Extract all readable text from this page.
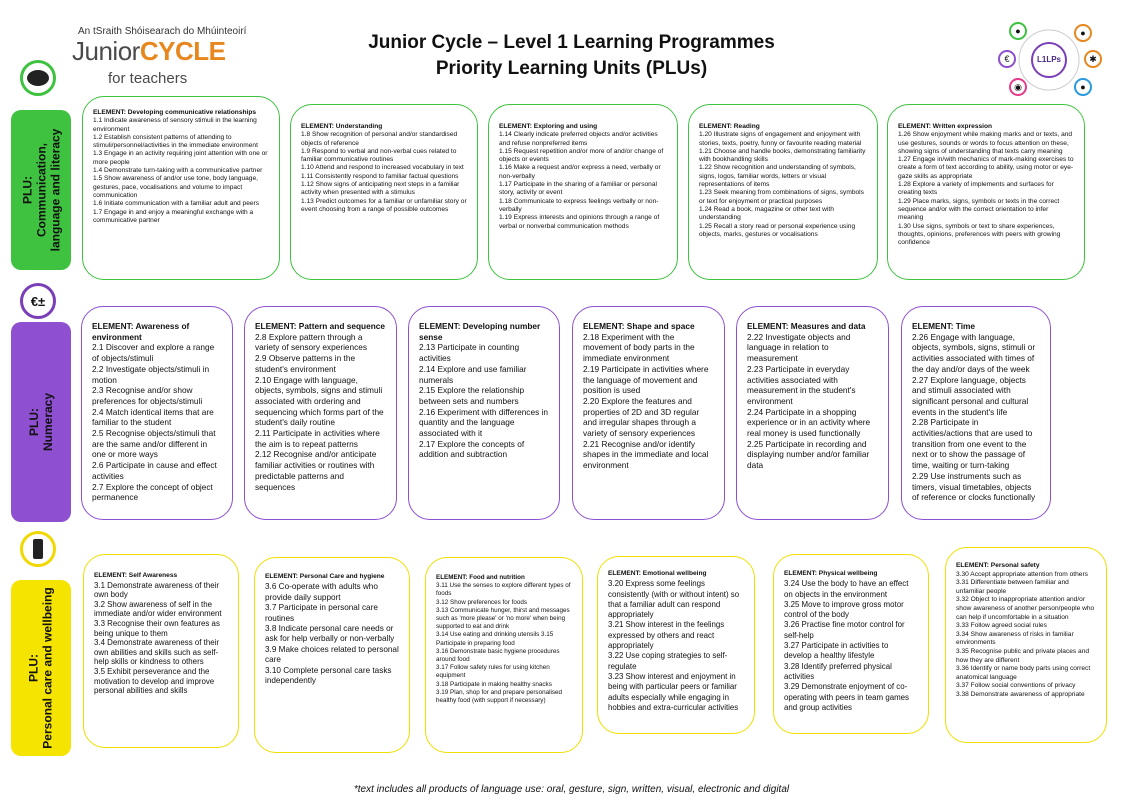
An tSraith Shóisearach do Mhúinteoirí
JuniorCYCLE
for teachers
Junior Cycle – Level 1 Learning Programmes
Priority Learning Units (PLUs)
●
€
◉
●
✱
●
L1LPs
€±
PLU:
Communication,
language and literacy
PLU:
Numeracy
PLU:
Personal care and wellbeing
ELEMENT: Developing communicative relationships
1.1 Indicate awareness of sensory stimuli in the learning environment
1.2 Establish consistent patterns of attending to stimuli/personnel/activities in the immediate environment
1.3 Engage in an activity requiring joint attention with one or more people
1.4 Demonstrate turn-taking with a communicative partner
1.5 Show awareness of and/or use tone, body language, gestures, pace, vocalisations and volume to impact communication
1.6 Initiate communication with a familiar adult and peers
1.7 Engage in and enjoy a meaningful exchange with a communicative partner
ELEMENT: Understanding
1.8 Show recognition of personal and/or standardised objects of reference
1.9 Respond to verbal and non-verbal cues related to familiar communicative routines
1.10 Attend and respond to increased vocabulary in text
1.11 Consistently respond to familiar factual questions
1.12 Show signs of anticipating next steps in a familiar activity when presented with a stimulus
1.13 Predict outcomes for a familiar or unfamiliar story or event choosing from a range of possible outcomes
ELEMENT: Exploring and using
1.14 Clearly indicate preferred objects and/or activities and refuse nonpreferred items
1.15 Request repetition and/or more of and/or change of objects or events
1.16 Make a request and/or express a need, verbally or non-verbally
1.17 Participate in the sharing of a familiar or personal story, activity or event
1.18 Communicate to express feelings verbally or non-verbally
1.19 Express interests and opinions through a range of verbal or nonverbal communication methods
ELEMENT: Reading
1.20 Illustrate signs of engagement and enjoyment with stories, texts, poetry, funny or favourite reading material
1.21 Choose and handle books, demonstrating familiarity with bookhandling skills
1.22 Show recognition and understanding of symbols, signs, logos, familiar words, letters or visual representations of items
1.23 Seek meaning from combinations of signs, symbols or text for enjoyment or practical purposes
1.24 Read a book, magazine or other text with understanding
1.25 Recall a story read or personal experience using objects, marks, gestures or vocalisations
ELEMENT: Written expression
1.26 Show enjoyment while making marks and or texts, and use gestures, sounds or words to focus attention on these, showing signs of understanding that texts carry meaning
1.27 Engage in/with mechanics of mark-making exercises to create a form of text according to ability, using motor or eye-gaze skills as appropriate
1.28 Explore a variety of implements and surfaces for creating texts
1.29 Place marks, signs, symbols or texts in the correct sequence and/or with the correct orientation to infer meaning
1.30 Use signs, symbols or text to share experiences, thoughts, opinions, preferences with peers with growing confidence
ELEMENT: Awareness of environment
2.1 Discover and explore a range of objects/stimuli
2.2 Investigate objects/stimuli in motion
2.3 Recognise and/or show preferences for objects/stimuli
2.4 Match identical items that are familiar to the student
2.5 Recognise objects/stimuli that are the same and/or different in one or more ways
2.6 Participate in cause and effect activities
2.7 Explore the concept of object permanence
ELEMENT: Pattern and sequence
2.8 Explore pattern through a variety of sensory experiences
2.9 Observe patterns in the student's environment
2.10 Engage with language, objects, symbols, signs and stimuli associated with ordering and sequencing which forms part of the student's daily routine
2.11 Participate in activities where the aim is to repeat patterns
2.12 Recognise and/or anticipate familiar activities or routines with predictable patterns and sequences
ELEMENT: Developing number sense
2.13 Participate in counting activities
2.14 Explore and use familiar numerals
2.15 Explore the relationship between sets and numbers
2.16 Experiment with differences in quantity and the language associated with it
2.17 Explore the concepts of addition and subtraction
ELEMENT: Shape and space
2.18 Experiment with the movement of body parts in the immediate environment
2.19 Participate in activities where the language of movement and position is used
2.20 Explore the features and properties of 2D and 3D regular and irregular shapes through a variety of sensory experiences
2.21 Recognise and/or identify shapes in the immediate and local environment
ELEMENT: Measures and data
2.22 Investigate objects and language in relation to measurement
2.23 Participate in everyday activities associated with measurement in the student's environment
2.24 Participate in a shopping experience or in an activity where real money is used functionally
2.25 Participate in recording and displaying number and/or familiar data
ELEMENT: Time
2.26 Engage with language, objects, symbols, signs, stimuli or activities associated with times of the day and/or days of the week
2.27 Explore language, objects and stimuli associated with significant personal and cultural events in the student's life
2.28 Participate in activities/actions that are used to transition from one event to the next or to show the passage of time, waiting or turn-taking
2.29 Use instruments such as timers, visual timetables, objects of reference or clocks functionally
ELEMENT: Self Awareness
3.1 Demonstrate awareness of their own body
3.2 Show awareness of self in the immediate and/or wider environment
3.3 Recognise their own features as being unique to them
3.4 Demonstrate awareness of their own abilities and skills such as self-help skills or kindness to others
3.5 Exhibit perseverance and the motivation to develop and improve personal abilities and skills
ELEMENT: Personal Care and hygiene
3.6 Co-operate with adults who provide daily support
3.7 Participate in personal care routines
3.8 Indicate personal care needs or ask for help verbally or non-verbally
3.9 Make choices related to personal care
3.10 Complete personal care tasks independently
ELEMENT: Food and nutrition
3.11 Use the senses to explore different types of foods
3.12 Show preferences for foods
3.13 Communicate hunger, thirst and messages such as 'more please' or 'no more' when being supported to eat and drink
3.14 Use eating and drinking utensils 3.15 Participate in preparing food
3.16 Demonstrate basic hygiene procedures around food
3.17 Follow safety rules for using kitchen equipment
3.18 Participate in making healthy snacks
3.19 Plan, shop for and prepare personalised healthy food (with support if necessary)
ELEMENT: Emotional wellbeing
3.20 Express some feelings consistently (with or without intent) so that a familiar adult can respond appropriately
3.21 Show interest in the feelings expressed by others and react appropriately
3.22 Use coping strategies to self-regulate
3.23 Show interest and enjoyment in being with particular peers or familiar adults especially while engaging in hobbies and extra-curricular activities
ELEMENT: Physical wellbeing
3.24 Use the body to have an effect on objects in the environment
3.25 Move to improve gross motor control of the body
3.26 Practise fine motor control for self-help
3.27 Participate in activities to develop a healthy lifestyle
3.28 Identify preferred physical activities
3.29 Demonstrate enjoyment of co-operating with peers in team games and group activities
ELEMENT: Personal safety
3.30 Accept appropriate attention from others
3.31 Differentiate between familiar and unfamiliar people
3.32 Object to inappropriate attention and/or show awareness of another person/people who can help if uncomfortable in a situation
3.33 Follow agreed social rules
3.34 Show awareness of risks in familiar environments
3.35 Recognise public and private places and how they are different
3.36 Identify or name body parts using correct anatomical language
3.37 Follow social conventions of privacy
3.38 Demonstrate awareness of appropriate
*text includes all products of language use: oral, gesture, sign, written, visual, electronic and digital
